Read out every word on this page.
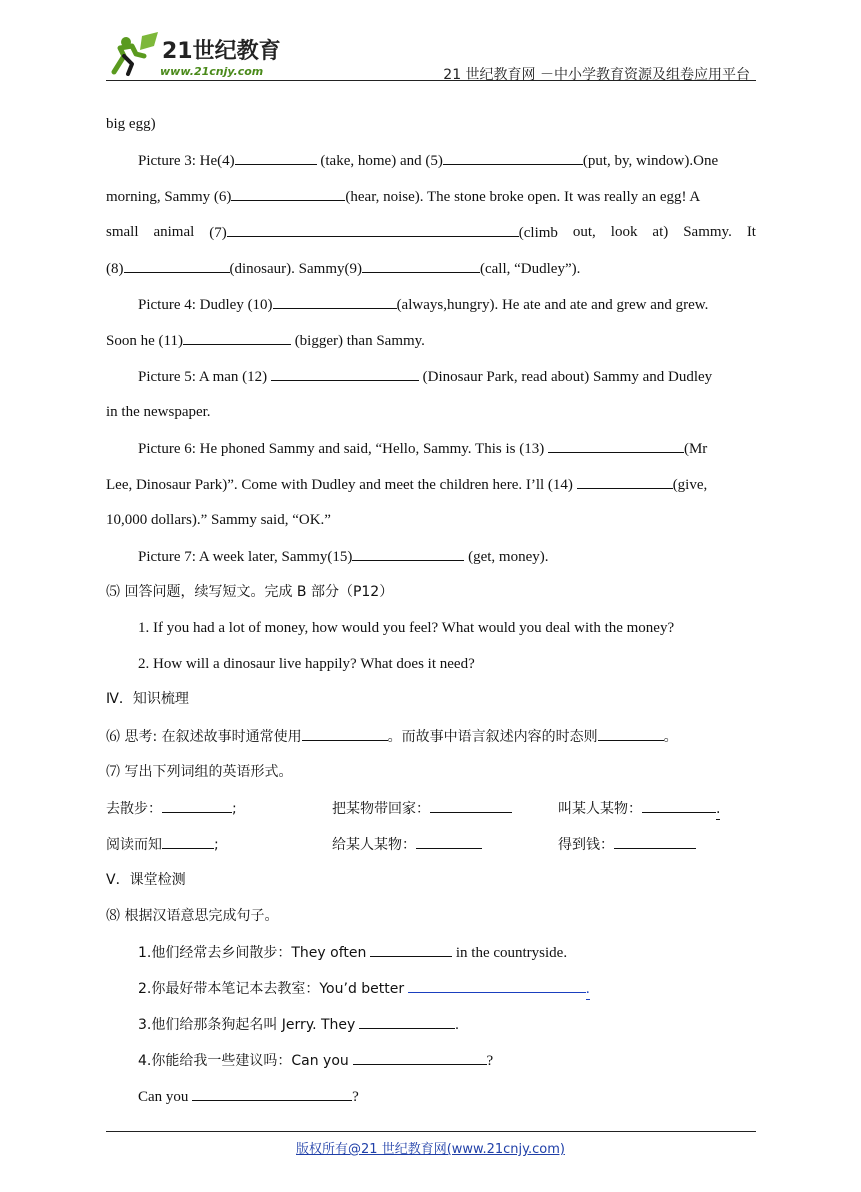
21世纪教育
www.21cnjy.com	21 世纪教育网 －中小学教育资源及组卷应用平台
big egg)
Picture 3: He(4)	(take, home) and (5)	(put, by, window).One
morning, Sammy (6)	(hear, noise). The stone broke open. It was really an egg! A
small animal (7)	(climb out, look at) Sammy. It
(8)	(dinosaur). Sammy(9)	(call, “Dudley”).
Picture 4: Dudley (10)	(always,hungry). He ate and ate and grew and grew.
Soon he (11)	(bigger) than Sammy.
Picture 5: A man (12)	(Dinosaur Park, read about) Sammy and Dudley
in the newspaper.
Picture 6: He phoned Sammy and said, “Hello, Sammy. This is (13)	(Mr
Lee, Dinosaur Park)”. Come with Dudley and meet the children here. I’ll (14)	(give,
10,000 dollars).” Sammy said, “OK.”
Picture 7: A week later, Sammy(15)	(get, money).
⑸ 回答问题，续写短文。完成 B 部分（P12）
1. If you had a lot of money, how would you feel? What would you deal with the money?
2. How will a dinosaur live happily? What does it need?
Ⅳ．知识梳理
⑹ 思考: 在叙述故事时通常使用	。而故事中语言叙述内容的时态则	。
⑺ 写出下列词组的英语形式。
去散步：	;	把某物带回家：	叫某人某物：	.
阅读而知	;	给某人某物：	得到钱：
Ⅴ．课堂检测
⑻ 根据汉语意思完成句子。
1.他们经常去乡间散步：They often	in the countryside.
2.你最好带本笔记本去教室：You’d better	.
3.他们给那条狗起名叫 Jerry. They	.
4.你能给我一些建议吗：Can you	?
Can you	?
版权所有@21 世纪教育网(www.21cnjy.com)
